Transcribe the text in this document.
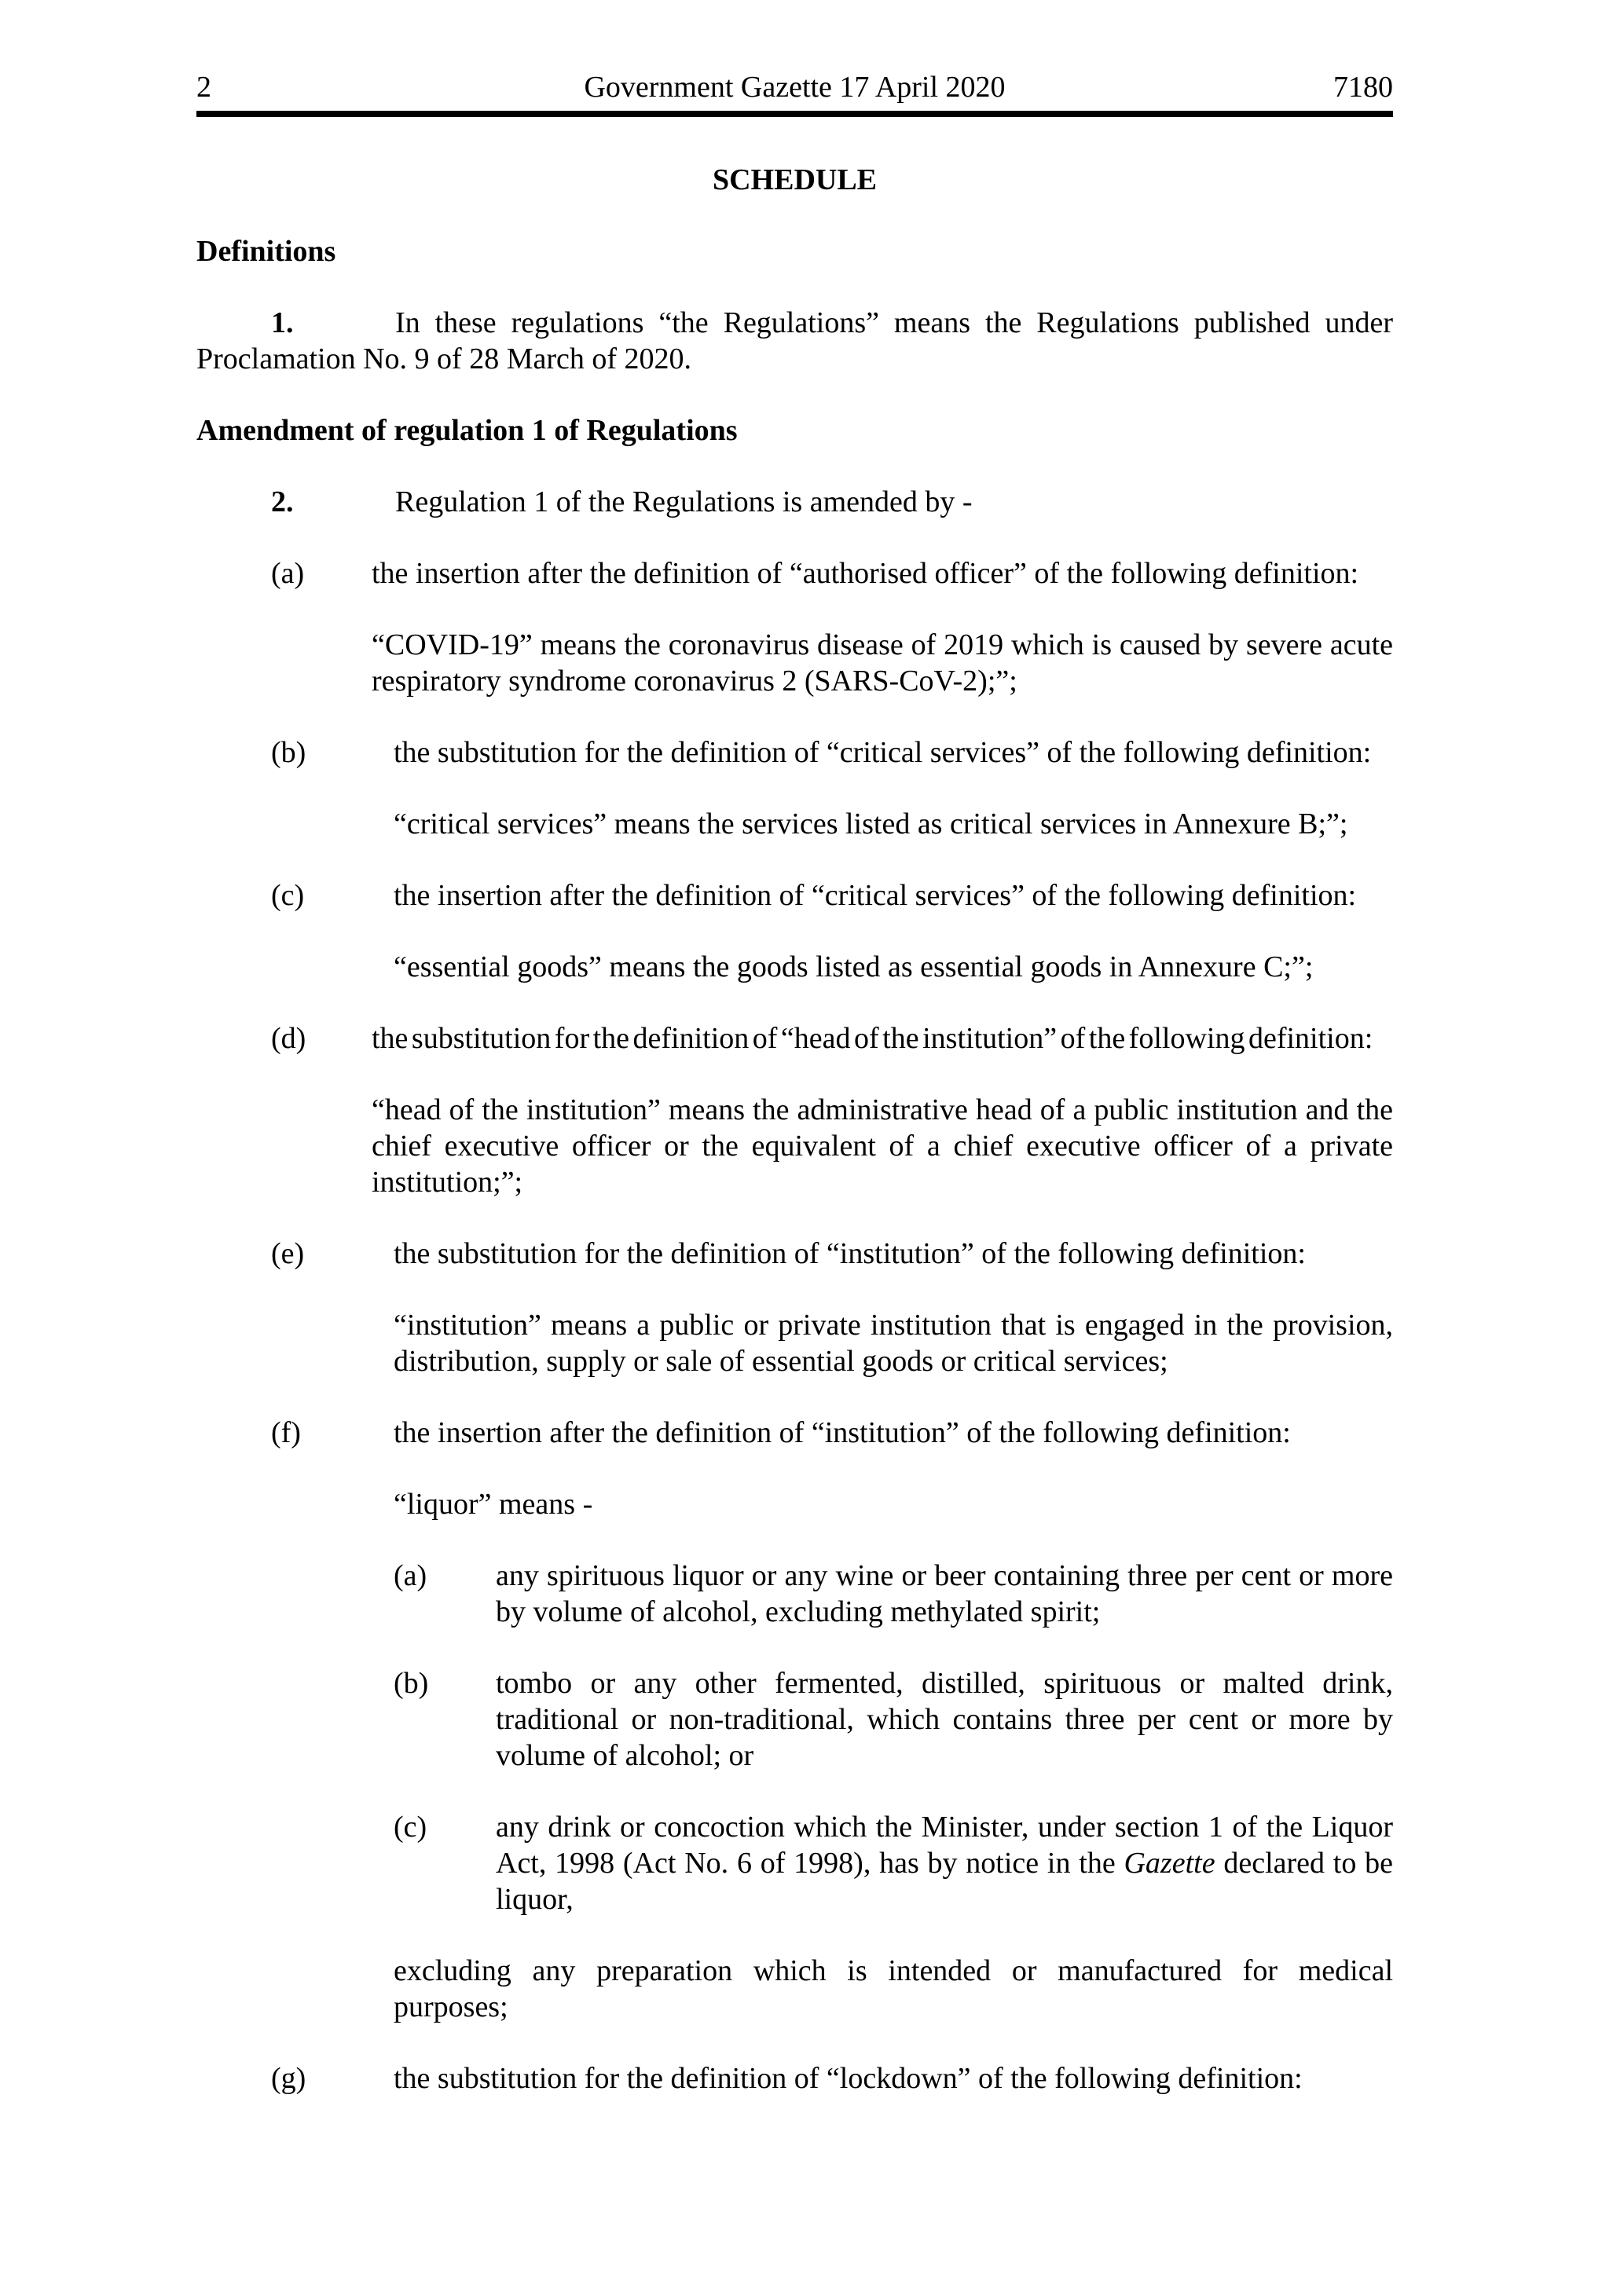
2	Government Gazette 17 April 2020	7180

SCHEDULE

Definitions

1.	In these regulations “the Regulations” means the Regulations published under Proclamation No. 9 of 28 March of 2020.

Amendment of regulation 1 of Regulations

2.	Regulation 1 of the Regulations is amended by -

(a) the insertion after the definition of “authorised officer” of the following definition:

“COVID-19” means the coronavirus disease of 2019 which is caused by severe acute respiratory syndrome coronavirus 2 (SARS-CoV-2);”;

(b)	the substitution for the definition of “critical services” of the following definition:

“critical services” means the services listed as critical services in Annexure B;”;

(c)	the insertion after the definition of “critical services” of the following definition:

“essential goods” means the goods listed as essential goods in Annexure C;”;

(d) the substitution for the definition of “head of the institution” of the following definition:

“head of the institution” means the administrative head of a public institution and the chief executive officer or the equivalent of a chief executive officer of a private institution;”;

(e)	the substitution for the definition of “institution” of the following definition:

“institution” means a public or private institution that is engaged in the provision, distribution, supply or sale of essential goods or critical services;

(f)	the insertion after the definition of “institution” of the following definition:

“liquor” means -

(a) any spirituous liquor or any wine or beer containing three per cent or more by volume of alcohol, excluding methylated spirit;

(b) tombo or any other fermented, distilled, spirituous or malted drink, traditional or non-traditional, which contains three per cent or more by volume of alcohol; or

(c) any drink or concoction which the Minister, under section 1 of the Liquor Act, 1998 (Act No. 6 of 1998), has by notice in the Gazette declared to be liquor,

excluding any preparation which is intended or manufactured for medical purposes;

(g)	the substitution for the definition of “lockdown” of the following definition:
